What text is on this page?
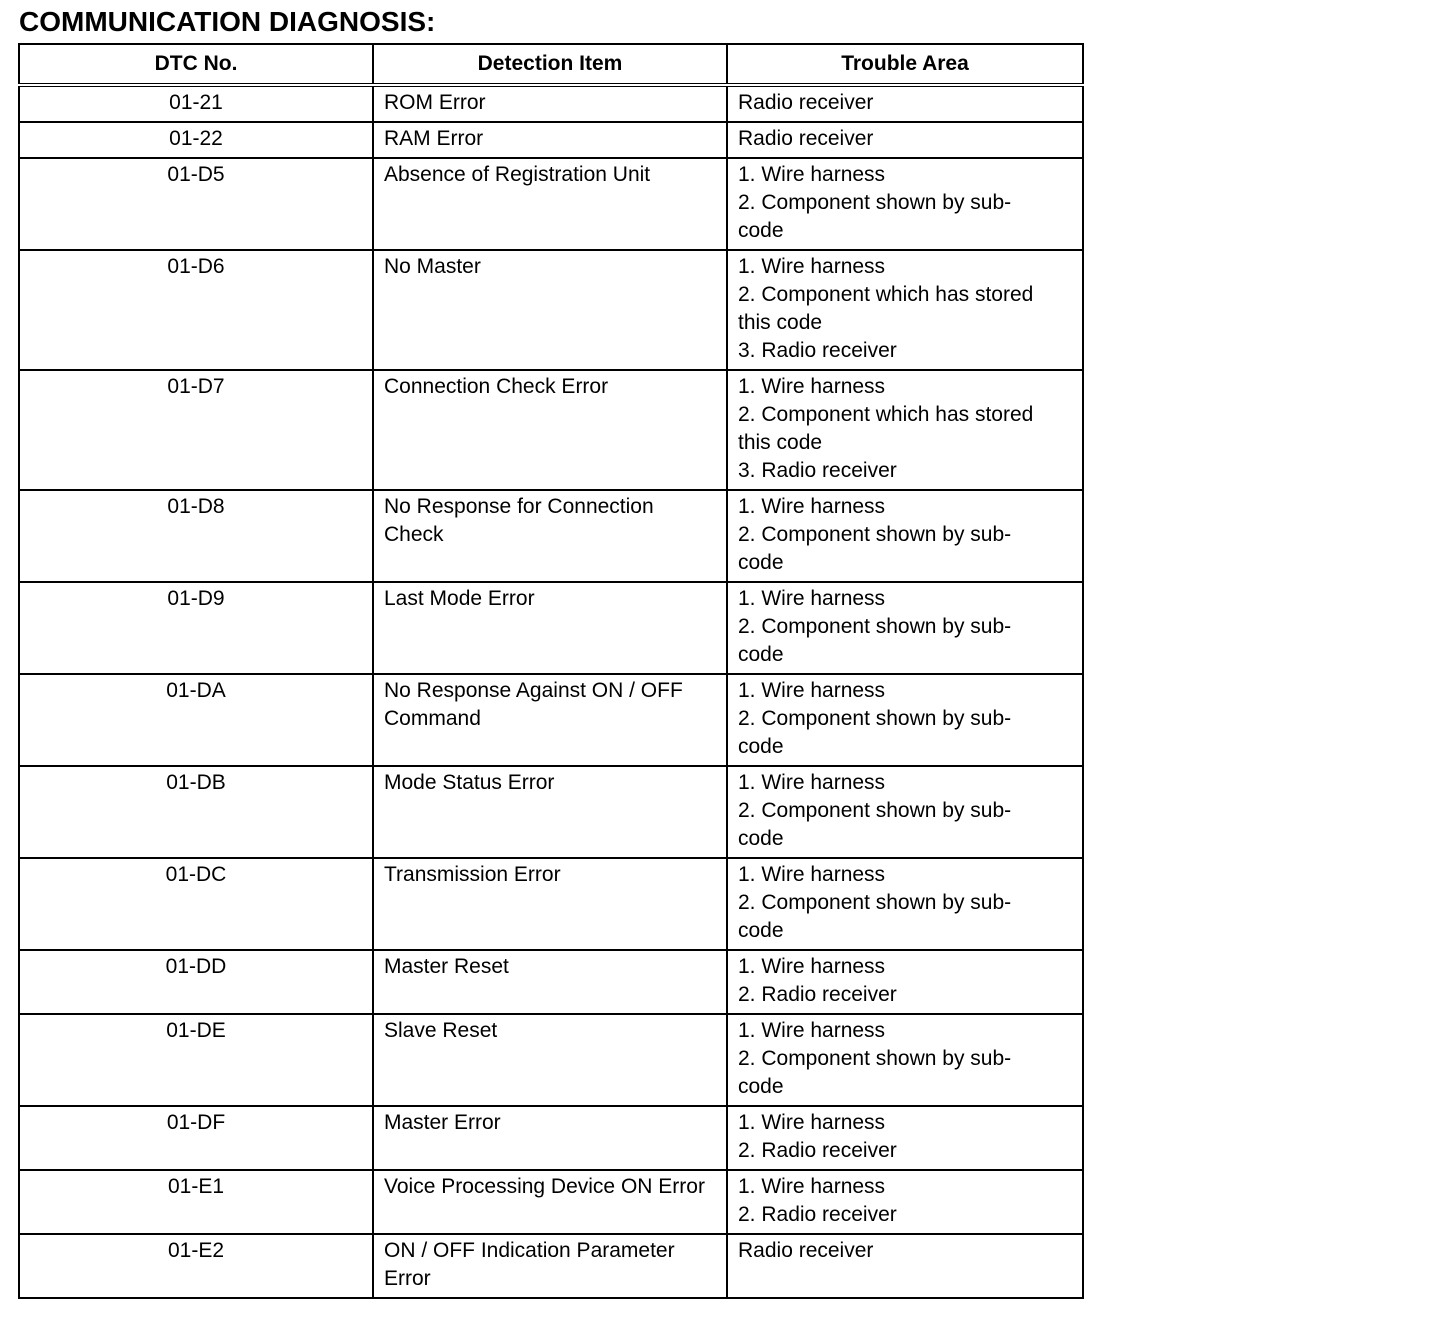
COMMUNICATION DIAGNOSIS:
DTC No.	Detection Item	Trouble Area
01-21	ROM Error	Radio receiver

01-22	RAM Error	Radio receiver

01-D5	Absence of Registration Unit	1. Wire harness
2. Component shown by sub-
code

01-D6	No Master	1. Wire harness
2. Component which has stored
this code
3. Radio receiver

01-D7	Connection Check Error	1. Wire harness
2. Component which has stored
this code
3. Radio receiver

01-D8	No Response for Connection Check	1. Wire harness
2. Component shown by sub-
code

01-D9	Last Mode Error	1. Wire harness
2. Component shown by sub-
code

01-DA	No Response Against ON / OFF Command	1. Wire harness
2. Component shown by sub-
code

01-DB	Mode Status Error	1. Wire harness
2. Component shown by sub-
code

01-DC	Transmission Error	1. Wire harness
2. Component shown by sub-
code

01-DD	Master Reset	1. Wire harness
2. Radio receiver

01-DE	Slave Reset	1. Wire harness
2. Component shown by sub-
code

01-DF	Master Error	1. Wire harness
2. Radio receiver

01-E1	Voice Processing Device ON Error	1. Wire harness
2. Radio receiver

01-E2	ON / OFF Indication Parameter Error	Radio receiver
